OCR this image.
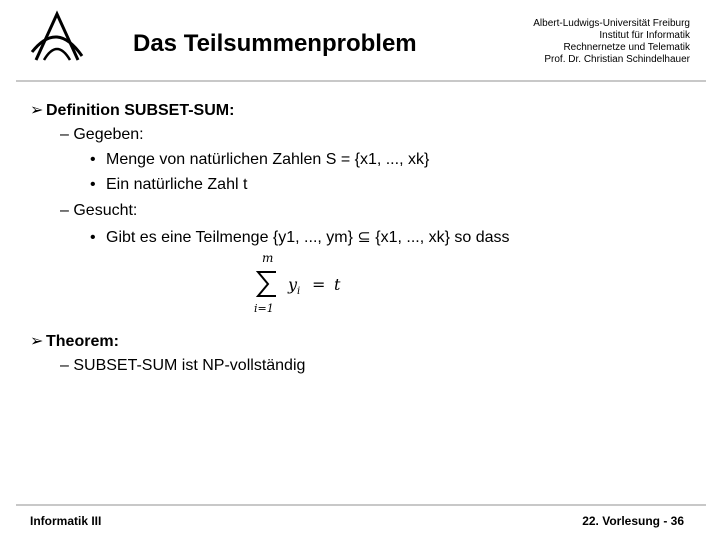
Das Teilsummenproblem
Albert-Ludwigs-Universität Freiburg
Institut für Informatik
Rechnernetze und Telematik
Prof. Dr. Christian Schindelhauer
➢ Definition SUBSET-SUM:
– Gegeben:
• Menge von natürlichen Zahlen S = {x1, ..., xk}
• Ein natürliche Zahl t
– Gesucht:
• Gibt es eine Teilmenge {y1, ..., ym} ⊆ {x1, ..., xk} so dass
m
i=1
y i = t
➢ Theorem:
– SUBSET-SUM ist NP-vollständig
Informatik III	22. Vorlesung - 36
